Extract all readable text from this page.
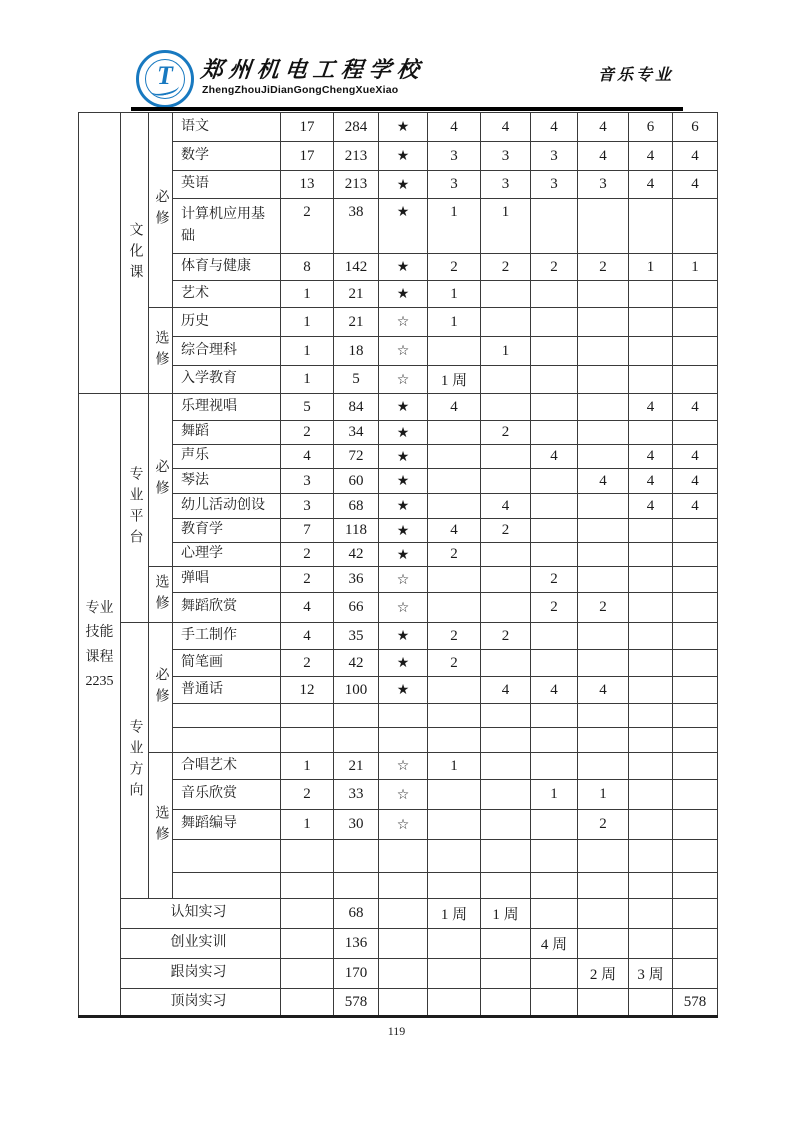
T	郑州机电工程学校
ZhengZhouJiDianGongChengXueXiao
音乐专业
	文化课	必修	语文	17	284	★	4	4	4	4	6	6
			数学	17	213	★	3	3	3	4	4	4
			英语	13	213	★	3	3	3	3	4	4
			计算机应用基础	2	38	★	1	1				
			体育与健康	8	142	★	2	2	2	2	1	1
			艺术	1	21	★	1					
		选修	历史	1	21	☆	1					
			综合理科	1	18	☆		1				
			入学教育	1	5	☆	1 周					
专业技能课程2235	专业平台	必修	乐理视唱	5	84	★	4				4	4
			舞蹈	2	34	★		2				
			声乐	4	72	★			4		4	4
			琴法	3	60	★				4	4	4
			幼儿活动创设	3	68	★		4			4	4
			教育学	7	118	★	4	2				
			心理学	2	42	★	2					
		选修	弹唱	2	36	☆			2			
			舞蹈欣赏	4	66	☆			2	2		
	专业方向	必修	手工制作	4	35	★	2	2				
			简笔画	2	42	★	2					
			普通话	12	100	★		4	4	4		

		选修	合唱艺术	1	21	☆	1					
			音乐欣赏	2	33	☆			1	1		
			舞蹈编导	1	30	☆				2		

	认知实习				68		1 周	1 周				
	创业实训				136				4 周			
	跟岗实习				170					2 周	3 周	
	顶岗实习				578							578
119
